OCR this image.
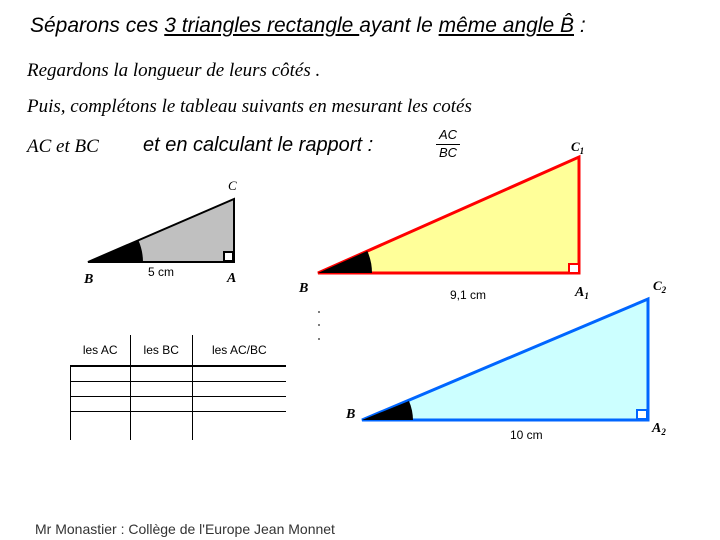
Séparons ces 3 triangles rectangle ayant le même angle B̂ :
Regardons la longueur de leurs côtés .
Puis, complétons le tableau suivants en mesurant les cotés
AC et BC et en calculant le rapport :	$\frac{AC}{BC}$
C
B	A
5 cm
$C_1$
B	$A_1$
9,1 cm
$C_2$
B
$A_2$
10 cm
les AC	les BC	les AC/BC

Mr Monastier : Collège de l'Europe Jean Monnet
